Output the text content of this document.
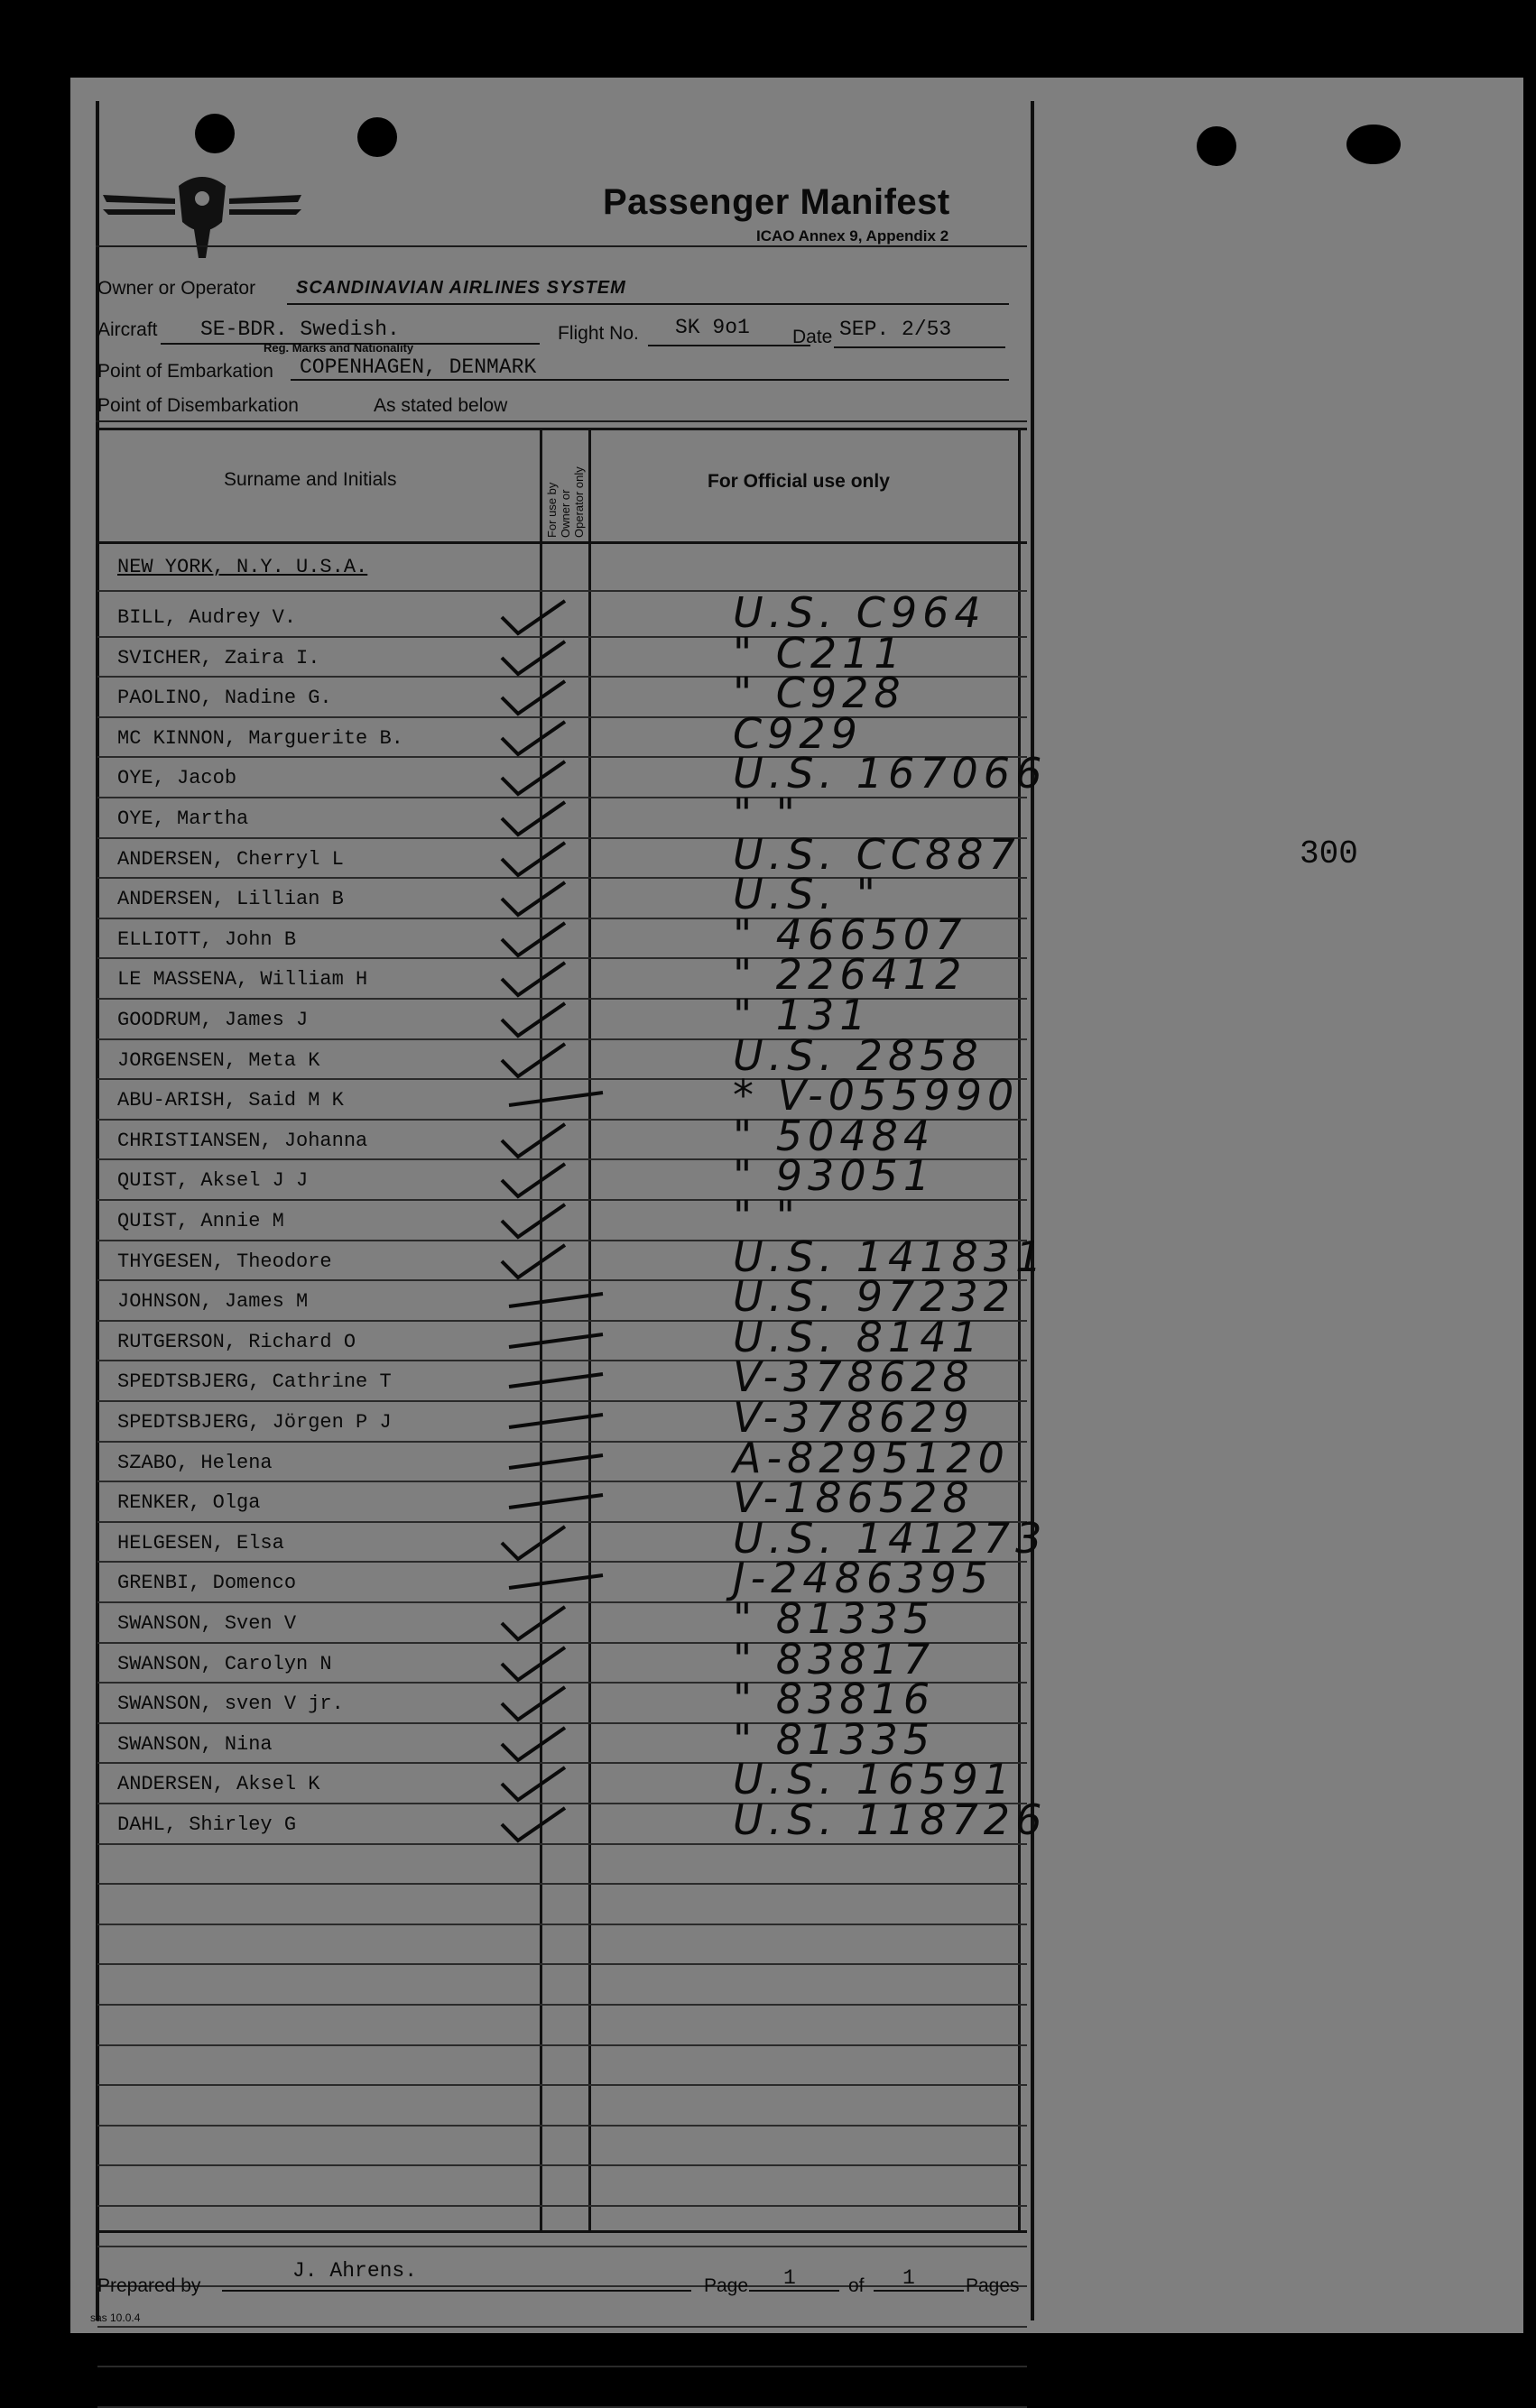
Passenger Manifest
ICAO Annex 9, Appendix 2
Owner or Operator SCANDINAVIAN AIRLINES SYSTEM
Aircraft SE-BDR. Swedish.
Reg. Marks and Nationality
Flight No. SK 9o1 Date SEP. 2/53
Point of Embarkation COPENHAGEN, DENMARK
Point of Disembarkation	As stated below
Surname and Initials
For use by Owner or Operator only	For Official use only
NEW YORK, N.Y. U.S.A.
BILL, Audrey V.	U.S. C964
SVICHER, Zaira I.	" C211
PAOLINO, Nadine G.	" C928
MC KINNON, Marguerite B.	C929
OYE, Jacob	U.S. 167066
OYE, Martha	" "
ANDERSEN, Cherryl L	U.S. CC887
ANDERSEN, Lillian B	U.S. "
ELLIOTT, John B	" 466507
LE MASSENA, William H	" 226412
GOODRUM, James J	" 131
JORGENSEN, Meta K	U.S. 2858
ABU-ARISH, Said M K	* V-055990
CHRISTIANSEN, Johanna	" 50484
QUIST, Aksel J J	" 93051
QUIST, Annie M	" "
THYGESEN, Theodore	U.S. 141831
JOHNSON, James M	U.S. 97232
RUTGERSON, Richard O	U.S. 8141
SPEDTSBJERG, Cathrine T	V-378628
SPEDTSBJERG, Jörgen P J	V-378629
SZABO, Helena	A-8295120
RENKER, Olga	V-186528
HELGESEN, Elsa	U.S. 141273
GRENBI, Domenco	J-2486395
SWANSON, Sven V	" 81335
SWANSON, Carolyn N	" 83817
SWANSON, sven V jr.	" 83816
SWANSON, Nina	" 81335
ANDERSEN, Aksel K	U.S. 16591
DAHL, Shirley G	U.S. 118726
300
Prepared by
J. Ahrens.
Page 1	of 1	Pages
sas 10.0.4
